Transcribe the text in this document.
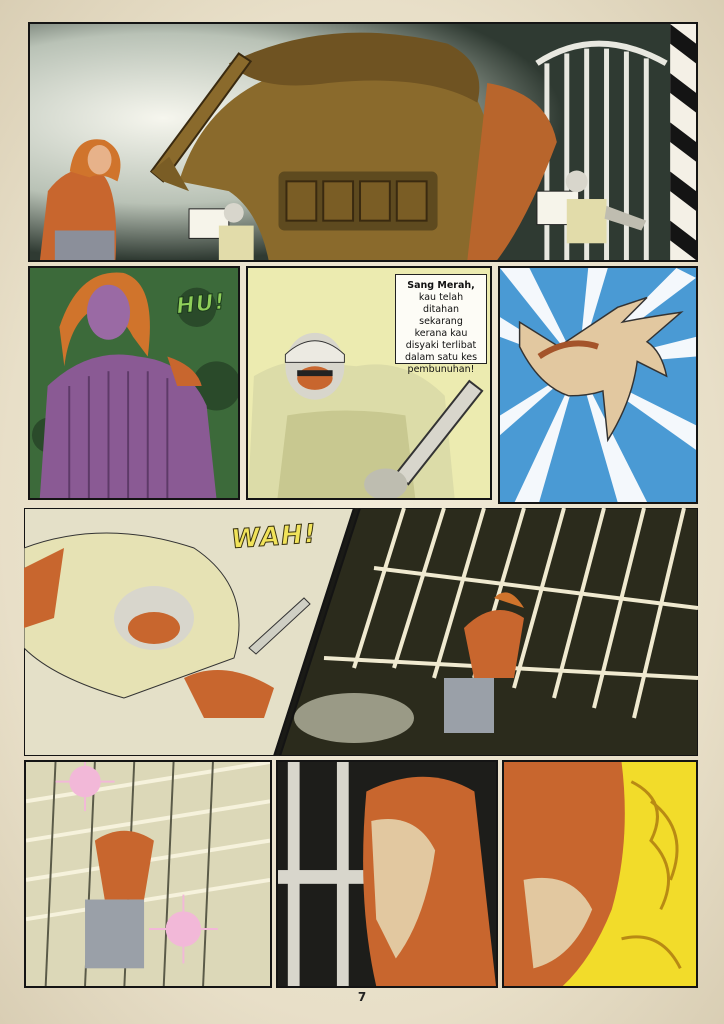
HU!
Sang Merah,
kau telah ditahan sekarang kerana kau disyaki terlibat dalam satu kes pembunuhan!
WAH!
7
